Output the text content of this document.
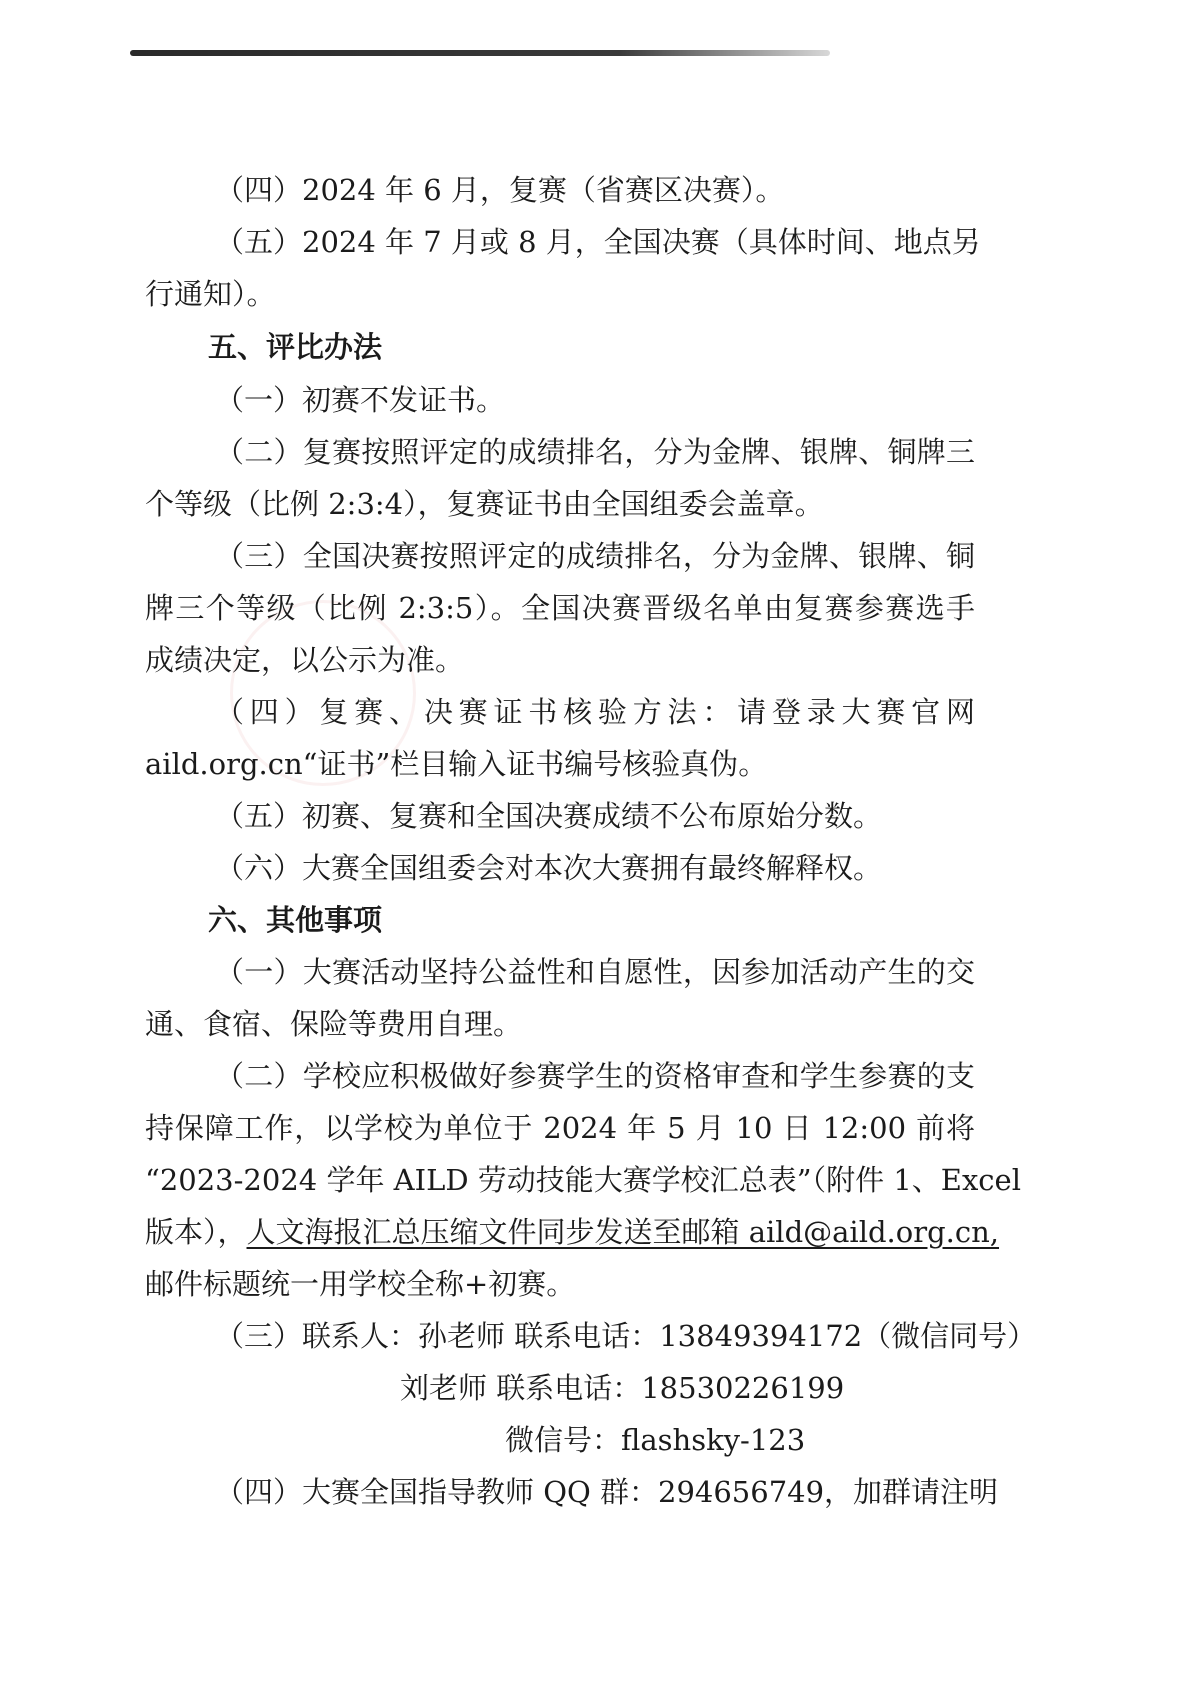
（四）2024 年 6 月，复赛（省赛区决赛）。

（五）2024 年 7 月或 8 月，全国决赛（具体时间、地点另

行通知）。

五、评比办法

（一）初赛不发证书。

（二）复赛按照评定的成绩排名，分为金牌、银牌、铜牌三

个等级（比例 2:3:4），复赛证书由全国组委会盖章。

（三）全国决赛按照评定的成绩排名，分为金牌、银牌、铜

牌三个等级（比例 2:3:5）。全国决赛晋级名单由复赛参赛选手

成绩决定，以公示为准。

（四）复赛、决赛证书核验方法：请登录大赛官网

aild.org.cn“证书”栏目输入证书编号核验真伪。

（五）初赛、复赛和全国决赛成绩不公布原始分数。

（六）大赛全国组委会对本次大赛拥有最终解释权。

六、其他事项

（一）大赛活动坚持公益性和自愿性，因参加活动产生的交

通、食宿、保险等费用自理。

（二）学校应积极做好参赛学生的资格审查和学生参赛的支

持保障工作，以学校为单位于 2024 年 5 月 10 日 12:00 前将

“2023-2024 学年 AILD 劳动技能大赛学校汇总表”（附件 1、Excel

版本），人文海报汇总压缩文件同步发送至邮箱 aild@aild.org.cn,

邮件标题统一用学校全称+初赛。

（三）联系人：孙老师 联系电话：13849394172（微信同号）

刘老师 联系电话：18530226199

微信号：flashsky-123

（四）大赛全国指导教师 QQ 群：294656749，加群请注明
